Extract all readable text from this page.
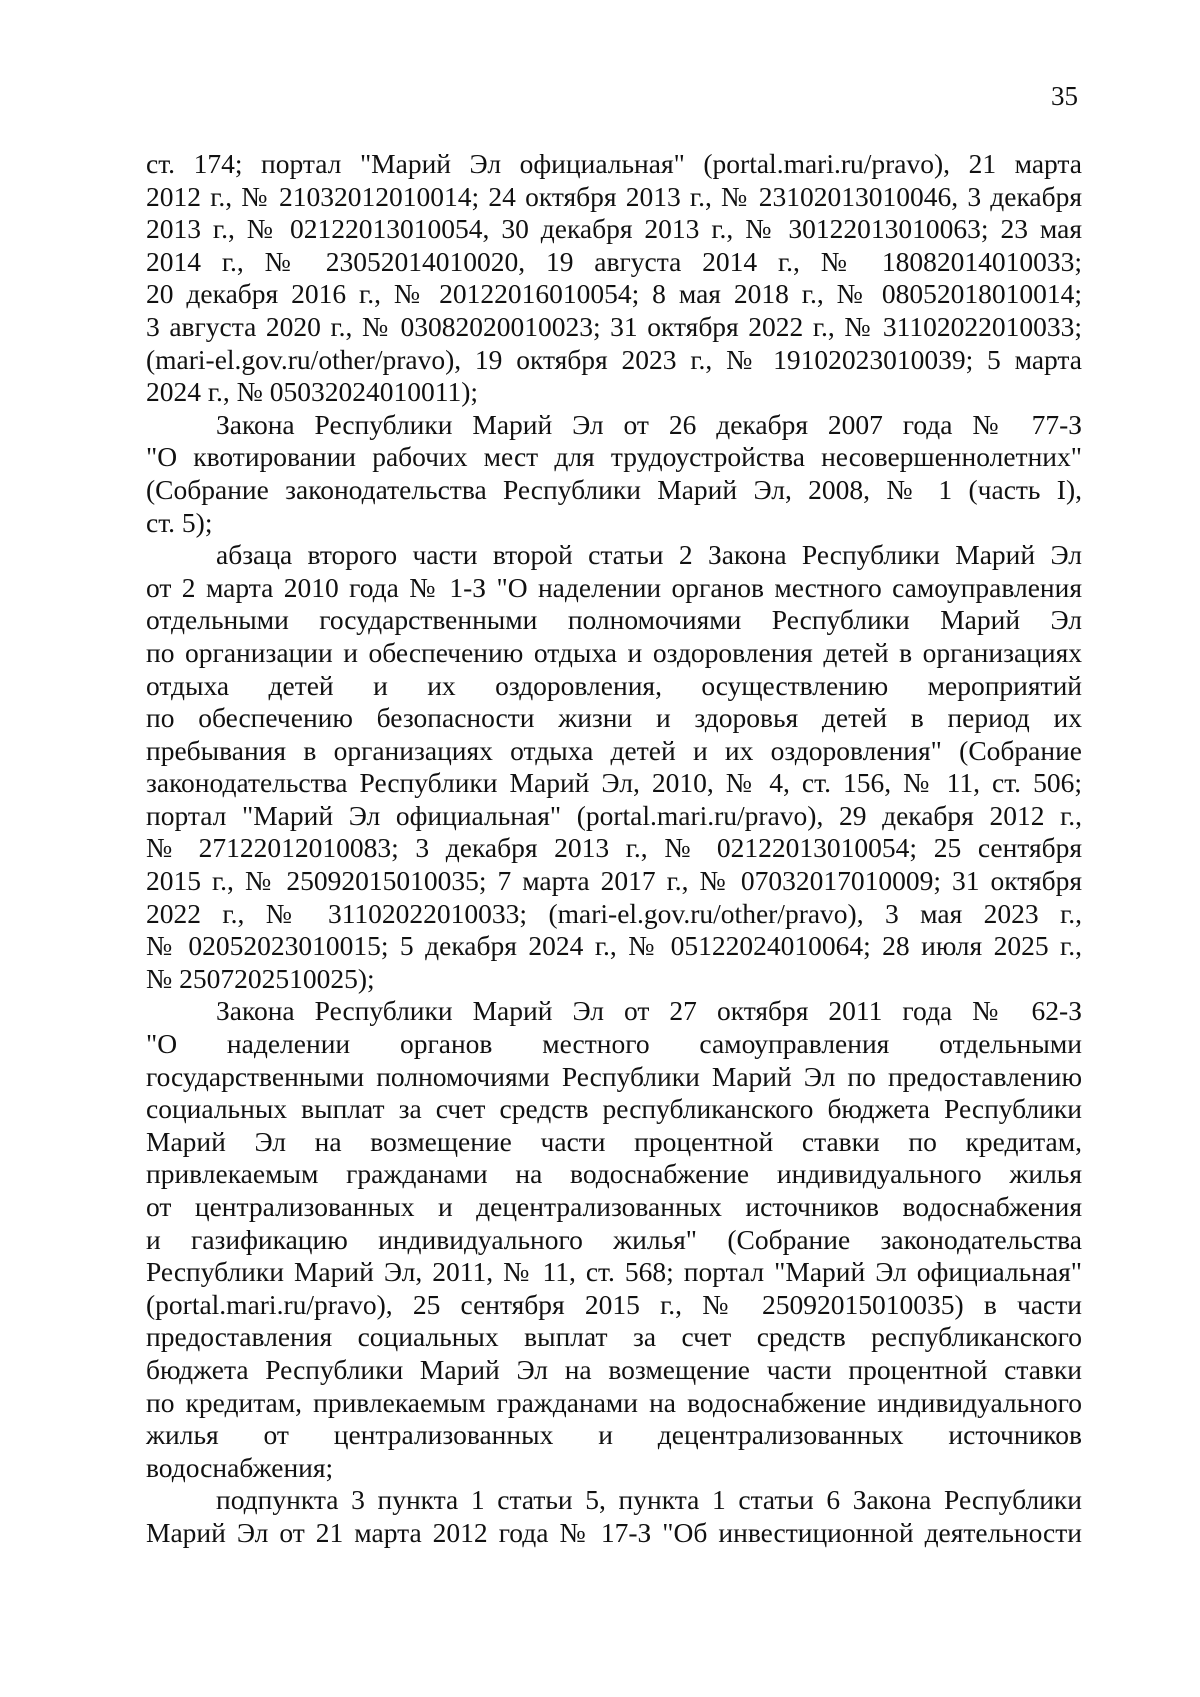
35

ст. 174; портал "Марий Эл официальная" (portal.mari.ru/pravo), 21 марта

2012 г., № 21032012010014; 24 октября 2013 г., № 23102013010046, 3 декабря

2013 г., № 02122013010054, 30 декабря 2013 г., № 30122013010063; 23 мая

2014 г., № 23052014010020, 19 августа 2014 г., № 18082014010033;

20 декабря 2016 г., № 20122016010054; 8 мая 2018 г., № 08052018010014;

3 августа 2020 г., № 03082020010023; 31 октября 2022 г., № 31102022010033;

(mari-el.gov.ru/other/pravo), 19 октября 2023 г., № 19102023010039; 5 марта

2024 г., № 05032024010011);

Закона Республики Марий Эл от 26 декабря 2007 года № 77-З

"О квотировании рабочих мест для трудоустройства несовершеннолетних"

(Собрание законодательства Республики Марий Эл, 2008, № 1 (часть I),

ст. 5);

абзаца второго части второй статьи 2 Закона Республики Марий Эл

от 2 марта 2010 года № 1-З "О наделении органов местного самоуправления

отдельными государственными полномочиями Республики Марий Эл

по организации и обеспечению отдыха и оздоровления детей в организациях

отдыха детей и их оздоровления, осуществлению мероприятий

по обеспечению безопасности жизни и здоровья детей в период их

пребывания в организациях отдыха детей и их оздоровления" (Собрание

законодательства Республики Марий Эл, 2010, № 4, ст. 156, № 11, ст. 506;

портал "Марий Эл официальная" (portal.mari.ru/pravo), 29 декабря 2012 г.,

№ 27122012010083; 3 декабря 2013 г., № 02122013010054; 25 сентября

2015 г., № 25092015010035; 7 марта 2017 г., № 07032017010009; 31 октября

2022 г., № 31102022010033; (mari-el.gov.ru/other/pravo), 3 мая 2023 г.,

№ 02052023010015; 5 декабря 2024 г., № 05122024010064; 28 июля 2025 г.,

№ 2507202510025);

Закона Республики Марий Эл от 27 октября 2011 года № 62-З

"О наделении органов местного самоуправления отдельными

государственными полномочиями Республики Марий Эл по предоставлению

социальных выплат за счет средств республиканского бюджета Республики

Марий Эл на возмещение части процентной ставки по кредитам,

привлекаемым гражданами на водоснабжение индивидуального жилья

от централизованных и децентрализованных источников водоснабжения

и газификацию индивидуального жилья" (Собрание законодательства

Республики Марий Эл, 2011, № 11, ст. 568; портал "Марий Эл официальная"

(portal.mari.ru/pravo), 25 сентября 2015 г., № 25092015010035) в части

предоставления социальных выплат за счет средств республиканского

бюджета Республики Марий Эл на возмещение части процентной ставки

по кредитам, привлекаемым гражданами на водоснабжение индивидуального

жилья от централизованных и децентрализованных источников

водоснабжения;

подпункта 3 пункта 1 статьи 5, пункта 1 статьи 6 Закона Республики

Марий Эл от 21 марта 2012 года № 17-З "Об инвестиционной деятельности
